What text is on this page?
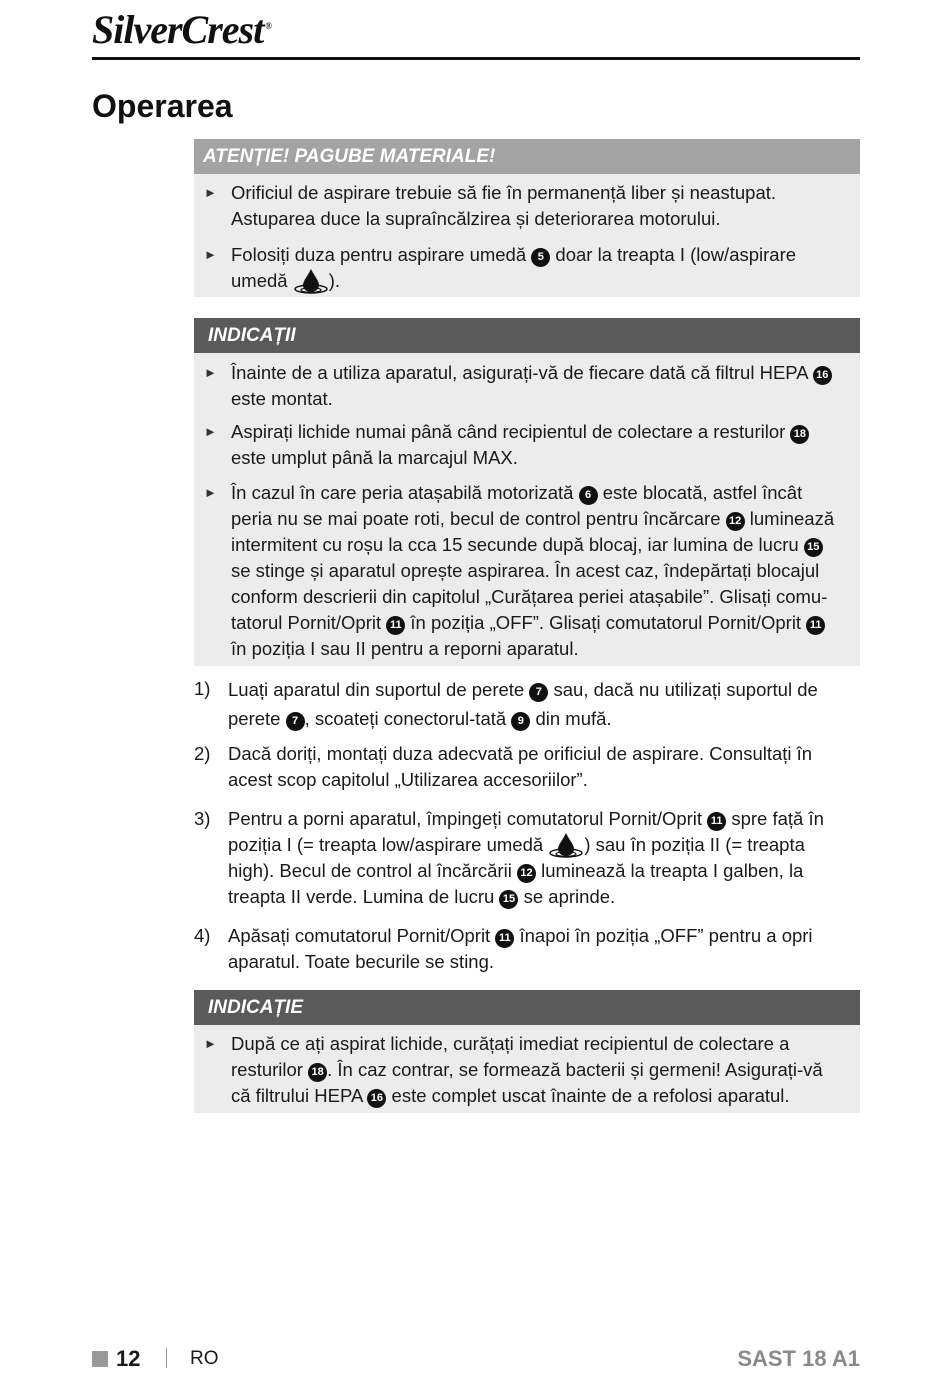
SilverCrest ®
Operarea
ATENȚIE! PAGUBE MATERIALE!
► Orificiul de aspirare trebuie să fie în permanență liber și neastupat.
Astuparea duce la supraîncălzirea și deteriorarea motorului.
► Folosiți duza pentru aspirare umedă 5 doar la treapta I (low/aspirare
umedă ).
INDICAȚII
► Înainte de a utiliza aparatul, asigurați-vă de fiecare dată că filtrul HEPA 16
este montat.
► Aspirați lichide numai până când recipientul de colectare a resturilor 18
este umplut până la marcajul MAX.
► În cazul în care peria atașabilă motorizată 6 este blocată, astfel încât
peria nu se mai poate roti, becul de control pentru încărcare 12 luminează
intermitent cu roșu la cca 15 secunde după blocaj, iar lumina de lucru 15
se stinge și aparatul oprește aspirarea. În acest caz, îndepărtați blocajul
conform descrierii din capitolul „Curățarea periei atașabile”. Glisați comu-
tatorul Pornit/Oprit 11 în poziția „OFF”. Glisați comutatorul Pornit/Oprit 11
în poziția I sau II pentru a reporni aparatul.
1) Luați aparatul din suportul de perete 7 sau, dacă nu utilizați suportul de
perete 7 , scoateți conectorul-tată 9 din mufă.
2) Dacă doriți, montați duza adecvată pe orificiul de aspirare. Consultați în
acest scop capitolul „Utilizarea accesoriilor”.
3) Pentru a porni aparatul, împingeți comutatorul Pornit/Oprit 11 spre față în
poziția I (= treapta low/aspirare umedă ) sau în poziția II (= treapta
high). Becul de control al încărcării 12 luminează la treapta I galben, la
treapta II verde. Lumina de lucru 15 se aprinde.
4) Apăsați comutatorul Pornit/Oprit 11 înapoi în poziția „OFF” pentru a opri
aparatul. Toate becurile se sting.
INDICAȚIE
► După ce ați aspirat lichide, curățați imediat recipientul de colectare a
resturilor 18 . În caz contrar, se formează bacterii și germeni! Asigurați-vă
că filtrului HEPA 16 este complet uscat înainte de a refolosi aparatul.
12	RO	SAST 18 A1
